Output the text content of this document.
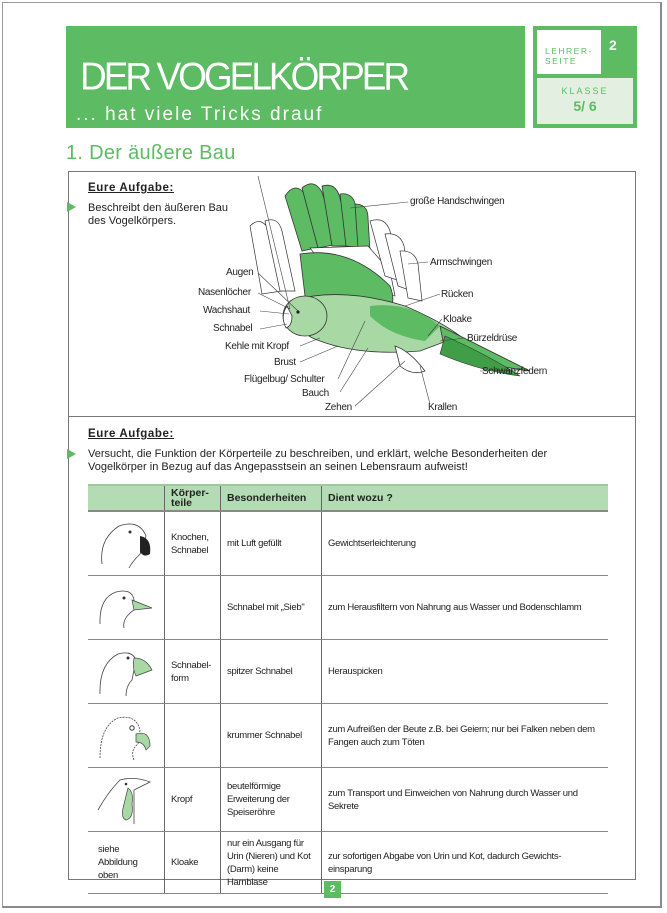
DER VOGELKÖRPER
... hat viele Tricks drauf
LEHRER-
SEITE
2
KLASSE
5/ 6
1. Der äußere Bau
Eure Aufgabe:
Beschreibt den äußeren Bau
des Vogelkörpers.
große Handschwingen
Armschwingen
Augen
Nasenlöcher
Wachshaut
Schnabel
Kehle mit Kropf
Brust
Flügelbug/ Schulter
Bauch
Zehen
Rücken
Kloake
Bürzeldrüse
Schwanzfedern
Krallen
Eure Aufgabe:
Versucht, die Funktion der Körperteile zu beschreiben, und erklärt, welche Besonderheiten der
Vogelkörper in Bezug auf das Angepasstsein an seinen Lebensraum aufweist!
	Körper-teile	Besonderheiten	Dient wozu ?
	Knochen, Schnabel	mit Luft gefüllt	Gewichtserleichterung
		Schnabel mit „Sieb"	zum Herausfiltern von Nahrung aus Wasser und Bodenschlamm
	Schnabel-form	spitzer Schnabel	Herauspicken
		krummer Schnabel	zum Aufreißen der Beute z.B. bei Geiern; nur bei Falken neben dem Fangen auch zum Töten
	Kropf	beutelförmige Erweiterung der Speiseröhre	zum Transport und Einweichen von Nahrung durch Wasser und Sekrete
siehe Abbildung oben	Kloake	nur ein Ausgang für Urin (Nieren) und Kot (Darm) keine Harnblase	zur sofortigen Abgabe von Urin und Kot, dadurch Gewichts-einsparung
2
